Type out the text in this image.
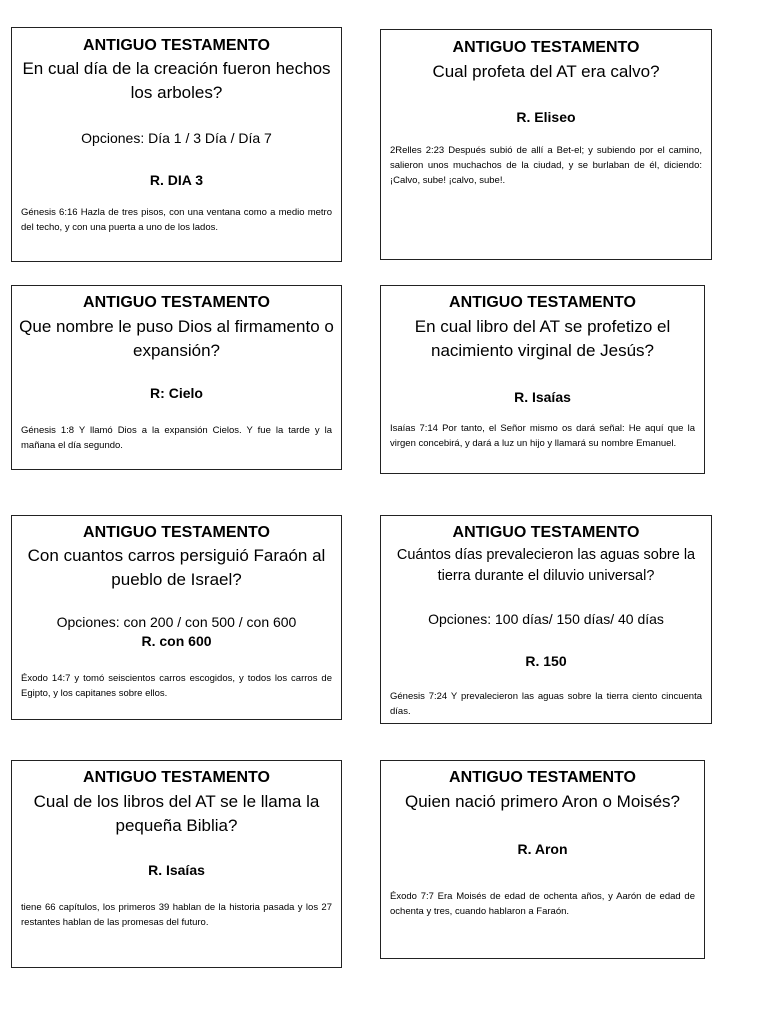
ANTIGUO TESTAMENTO
En cual día de la creación fueron hechos los arboles?
Opciones: Día 1 / 3 Día / Día 7
R. DIA 3
Génesis 6:16 Hazla de tres pisos, con una ventana como a medio metro del techo, y con una puerta a uno de los lados.
ANTIGUO TESTAMENTO
Cual profeta del AT era calvo?
R. Eliseo
2Relles 2:23 Después subió de allí a Bet-el; y subiendo por el camino, salieron unos muchachos de la ciudad, y se burlaban de él, diciendo: ¡Calvo, sube! ¡calvo, sube!.
ANTIGUO TESTAMENTO
Que nombre le puso Dios al firmamento o expansión?
R: Cielo
Génesis 1:8 Y llamó Dios a la expansión Cielos. Y fue la tarde y la mañana el día segundo.
ANTIGUO TESTAMENTO
En cual libro del AT se profetizo el nacimiento virginal de Jesús?
R. Isaías
Isaías 7:14 Por tanto, el Señor mismo os dará señal: He aquí que la virgen concebirá, y dará a luz un hijo y llamará su nombre Emanuel.
ANTIGUO TESTAMENTO
Con cuantos carros persiguió Faraón al pueblo de Israel?
Opciones: con 200 / con 500 / con 600
R. con 600
Éxodo 14:7 y tomó seiscientos carros escogidos, y todos los carros de Egipto, y los capitanes sobre ellos.
ANTIGUO TESTAMENTO
Cuántos días prevalecieron las aguas sobre la tierra durante el diluvio universal?
Opciones: 100 días/ 150 días/ 40 días
R. 150
Génesis 7:24 Y prevalecieron las aguas sobre la tierra ciento cincuenta días.
ANTIGUO TESTAMENTO
Cual de los libros del AT se le llama la pequeña Biblia?
R. Isaías
tiene 66 capítulos, los primeros 39 hablan de la historia pasada y los 27 restantes hablan de las promesas del futuro.
ANTIGUO TESTAMENTO
Quien nació primero Aron o Moisés?
R. Aron
Éxodo 7:7 Era Moisés de edad de ochenta años, y Aarón de edad de ochenta y tres, cuando hablaron a Faraón.
